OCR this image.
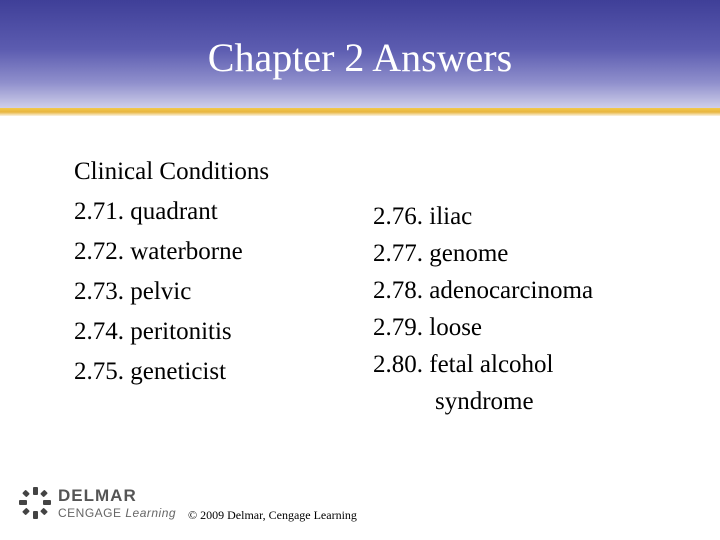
Chapter 2 Answers
Clinical Conditions
2.71. quadrant
2.72. waterborne
2.73. pelvic
2.74. peritonitis
2.75. geneticist
2.76. iliac
2.77. genome
2.78. adenocarcinoma
2.79. loose
2.80. fetal alcohol
syndrome
DELMAR
CENGAGE Learning © 2009 Delmar, Cengage Learning
